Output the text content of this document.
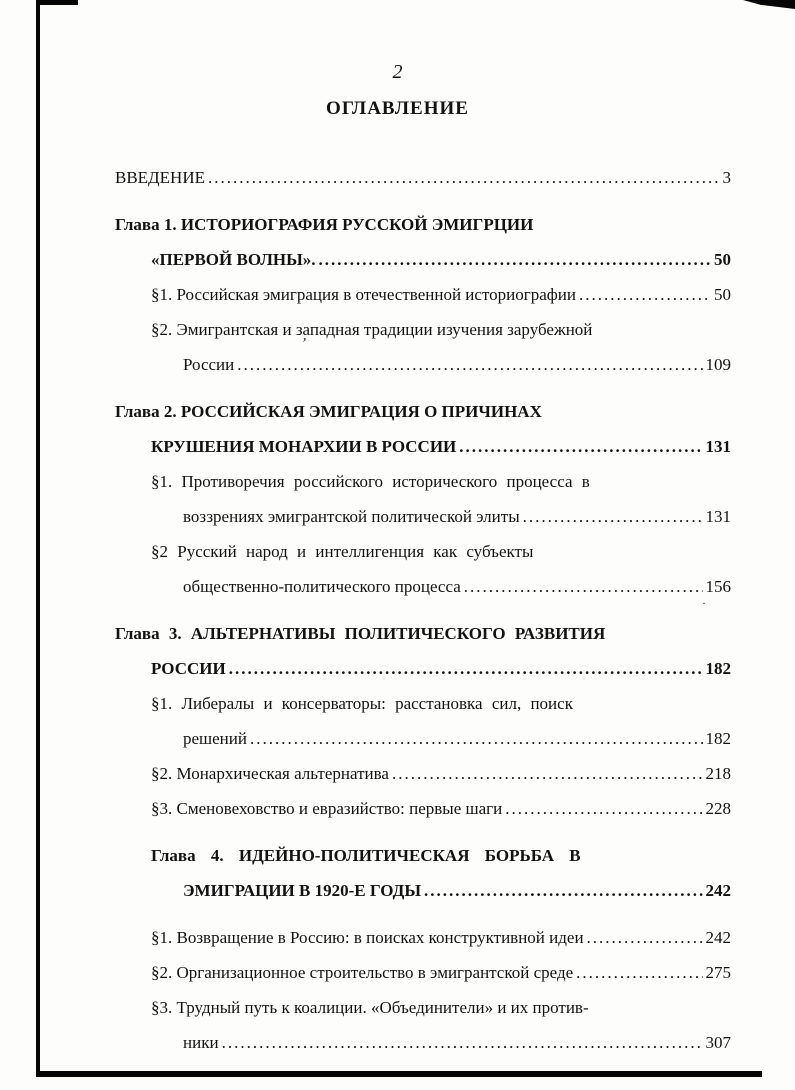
’
·
2
ОГЛАВЛЕНИЕ
ВВЕДЕНИЕ .....	3
Глава 1. ИСТОРИОГРАФИЯ РУССКОЙ ЭМИГРЦИИ
«ПЕРВОЙ ВОЛНЫ». .....	50
§1. Российская эмиграция в отечественной историографии .....	50
§2. Эмигрантская и западная традиции изучения зарубежной
России .....	109
Глава 2. РОССИЙСКАЯ ЭМИГРАЦИЯ О ПРИЧИНАХ
КРУШЕНИЯ МОНАРХИИ В РОССИИ .....	131
§1. Противоречия российского исторического процесса в
воззрениях эмигрантской политической элиты .....	131
§2 Русский народ и интеллигенция как субъекты
общественно-политического процесса .....	156
Глава 3. АЛЬТЕРНАТИВЫ ПОЛИТИЧЕСКОГО РАЗВИТИЯ
РОССИИ .....	182
§1. Либералы и консерваторы: расстановка сил, поиск
решений .....	182
§2. Монархическая альтернатива .....	218
§3. Сменовеховство и евразийство: первые шаги .....	228
Глава 4. ИДЕЙНО-ПОЛИТИЧЕСКАЯ БОРЬБА В
ЭМИГРАЦИИ В 1920-Е ГОДЫ .....	242
§1. Возвращение в Россию: в поисках конструктивной идеи .....	242
§2. Организационное строительство в эмигрантской среде .....	275
§3. Трудный путь к коалиции. «Объединители» и их против-
ники .....	307
